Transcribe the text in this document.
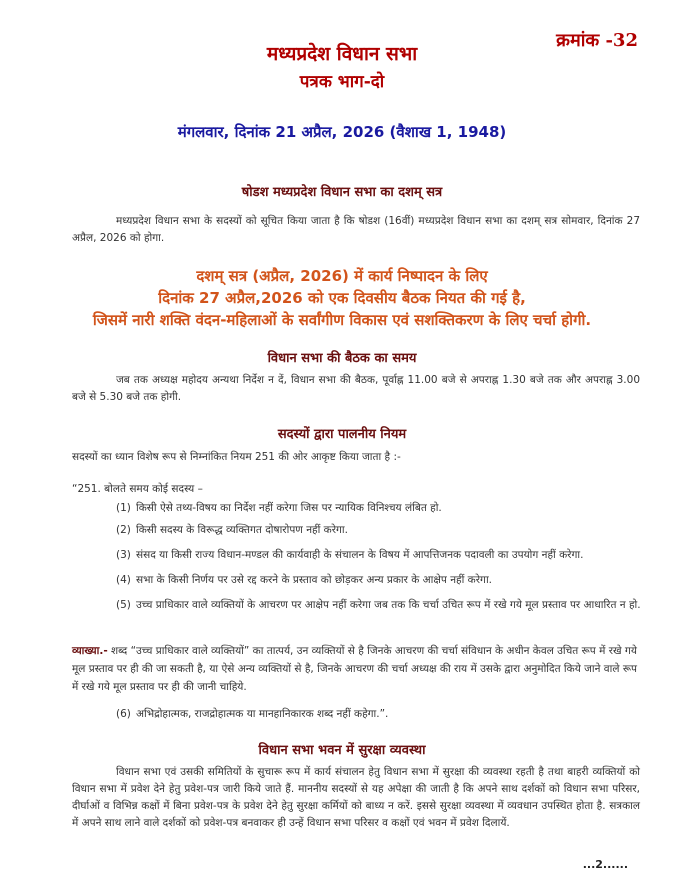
क्रमांक -32
मध्यप्रदेश विधान सभा
पत्रक भाग-दो
मंगलवार, दिनांक 21 अप्रैल, 2026 (वैशाख 1, 1948)
षोडश मध्यप्रदेश विधान सभा का दशम् सत्र
मध्यप्रदेश विधान सभा के सदस्यों को सूचित किया जाता है कि षोडश (16वीं) मध्यप्रदेश विधान सभा का दशम् सत्र सोमवार, दिनांक 27 अप्रैल, 2026 को होगा.
दशम् सत्र (अप्रैल, 2026) में कार्य निष्पादन के लिए
दिनांक 27 अप्रैल,2026 को एक दिवसीय बैठक नियत की गई है,
जिसमें नारी शक्ति वंदन-महिलाओं के सर्वांगीण विकास एवं सशक्तिकरण के लिए चर्चा होगी.
विधान सभा की बैठक का समय
जब तक अध्यक्ष महोदय अन्यथा निर्देश न दें, विधान सभा की बैठक, पूर्वाह्न 11.00 बजे से अपराह्न 1.30 बजे तक और अपराह्न 3.00 बजे से 5.30 बजे तक होगी.
सदस्यों द्वारा पालनीय नियम
सदस्यों का ध्यान विशेष रूप से निम्नांकित नियम 251 की ओर आकृष्ट किया जाता है :-
“251. बोलते समय कोई सदस्य –
(1) किसी ऐसे तथ्य-विषय का निर्देश नहीं करेगा जिस पर न्यायिक विनिश्चय लंबित हो.
(2) किसी सदस्य के विरूद्ध व्यक्तिगत दोषारोपण नहीं करेगा.
(3) संसद या किसी राज्य विधान-मण्डल की कार्यवाही के संचालन के विषय में आपत्तिजनक पदावली का उपयोग नहीं करेगा.
(4) सभा के किसी निर्णय पर उसे रद्द करने के प्रस्ताव को छोड़कर अन्य प्रकार के आक्षेप नहीं करेगा.
(5) उच्च प्राधिकार वाले व्यक्तियों के आचरण पर आक्षेप नहीं करेगा जब तक कि चर्चा उचित रूप में रखे गये मूल प्रस्ताव पर आधारित न हो.
व्याख्या.- शब्द “उच्च प्राधिकार वाले व्यक्तियों” का तात्पर्य, उन व्यक्तियों से है जिनके आचरण की चर्चा संविधान के अधीन केवल उचित रूप में रखे गये मूल प्रस्ताव पर ही की जा सकती है, या ऐसे अन्य व्यक्तियों से है, जिनके आचरण की चर्चा अध्यक्ष की राय में उसके द्वारा अनुमोदित किये जाने वाले रूप में रखे गये मूल प्रस्ताव पर ही की जानी चाहिये.
(6) अभिद्रोहात्मक, राजद्रोहात्मक या मानहानिकारक शब्द नहीं कहेगा.”.
विधान सभा भवन में सुरक्षा व्यवस्था
विधान सभा एवं उसकी समितियों के सुचारू रूप में कार्य संचालन हेतु विधान सभा में सुरक्षा की व्यवस्था रहती है तथा बाहरी व्यक्तियों को विधान सभा में प्रवेश देने हेतु प्रवेश-पत्र जारी किये जाते हैं. माननीय सदस्यों से यह अपेक्षा की जाती है कि अपने साथ दर्शकों को विधान सभा परिसर, दीर्घाओं व विभिन्न कक्षों में बिना प्रवेश-पत्र के प्रवेश देने हेतु सुरक्षा कर्मियों को बाध्य न करें. इससे सुरक्षा व्यवस्था में व्यवधान उपस्थित होता है. सत्रकाल में अपने साथ लाने वाले दर्शकों को प्रवेश-पत्र बनवाकर ही उन्हें विधान सभा परिसर व कक्षों एवं भवन में प्रवेश दिलायें.
...2......
